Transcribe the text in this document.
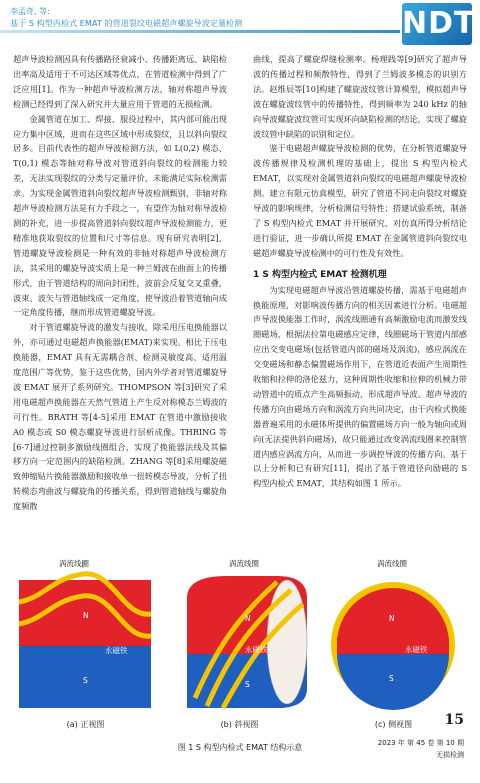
李孟奇, 等:
基于 S 构型内检式 EMAT 的管道裂纹电磁超声螺旋导波定量检测	NDT

超声导波检测因具有传播路径衰减小、传播距离远、缺陷检出率高及适用于不可达区域等优点，在管道检测中得到了广泛应用[1]。作为一种超声导波检测方法，轴对称超声导波检测已经得到了深入研究并大量应用于管道的无损检测。

金属管道在加工、焊接、服役过程中，其内部可能出现应力集中区域，进而在这些区域中形成裂纹，且以斜向裂纹居多。目前代表性的超声导波检测方法，如 L(0,2) 模态、T(0,1) 模态等轴对称导波对管道斜向裂纹的检测能力较差，无法实现裂纹的分类与定量评价，未能满足实际检测需求。为实现金属管道斜向裂纹超声导波检测甄别，非轴对称超声导波检测方法是有力手段之一，有望作为轴对称导波检测的补充，进一步提高管道斜向裂纹超声导波检测能力，更精准地获取裂纹的位置和尺寸等信息。现有研究表明[2]，管道螺旋导波检测是一种有效的非轴对称超声导波检测方法，其采用的螺旋导波实质上是一种兰姆波在曲面上的传播形式，由于管道结构的周向封闭性，波前会反复交叉重叠，波束、波矢与管道轴线成一定角度，使导波沿着管道轴向成一定角度传播，继而形成管道螺旋导波。

对于管道螺旋导波的激发与接收，除采用压电换能器以外，亦可通过电磁超声换能器(EMAT)来实现。相比于压电换能器，EMAT 具有无需耦合剂、检测灵敏度高、适用温度范围广等优势，鉴于这些优势，国内外学者对管道螺旋导波 EMAT 展开了系列研究。THOMPSON 等[3]研究了采用电磁超声换能器在天然气管道上产生反对称模态兰姆波的可行性。BRATH 等[4-5]采用 EMAT 在管道中激励接收 A0 模态或 S0 模态螺旋导波进行层析成像。THRING 等[6-7]通过控制多激励线圈组合，实现了换能器法线及其偏移方向一定范围内的缺陷检测。ZHANG 等[8]采用螺旋磁致伸缩贴片换能器激励和接收单一扭转模态导波，分析了扭转模态弯曲波与螺旋角的传播关系，得到管道轴线与螺旋角度频散

曲线，提高了螺旋焊缝检测率。杨理践等[9]研究了超声导波的传播过程和频散特性，得到了兰姆波多模态的识别方法。赵维辰等[10]构建了螺旋波纹管计算模型，模拟超声导波在螺旋波纹管中的传播特性，得到频率为 240 kHz 的轴向导波螺旋波纹管可实现环向缺陷检测的结论，实现了螺旋波纹管中缺陷的识别和定位。

鉴于电磁超声螺旋导波检测的优势，在分析管道螺旋导波传播规律及检测机理的基础上，提出 S 构型内检式 EMAT，以实现对金属管道斜向裂纹的电磁超声螺旋导波检测。建立有限元仿真模型，研究了管道不同走向裂纹对螺旋导波的影响规律，分析检测信号特性；搭建试验系统，制备了 S 构型内检式 EMAT 并开展研究，对仿真所得分析结论进行验证，进一步确认所提 EMAT 在金属管道斜向裂纹电磁超声螺旋导波检测中的可行性及有效性。

1 S 构型内检式 EMAT 检测机理

为实现电磁超声导波沿管道螺旋传播，需基于电磁超声换能原理，对影响波传播方向的相关因素进行分析。电磁超声导波换能器工作时，涡流线圈通有高频激励电流而激发线圈磁场，根据法拉第电磁感应定律，线圈磁场于管道内部感应出交变电磁场(包括管道内部的磁场及涡流)，感应涡流在交变磁场和静态偏置磁场作用下，在管道近表面产生周期性收缩和拉伸的洛伦兹力，这种周期性收缩和拉伸的机械力带动管道中的质点产生高频振动，形成超声导波。超声导波的传播方向由磁场方向和涡流方向共同决定，由于内检式换能器普遍采用的永磁体所提供的偏置磁场方向一般为轴向或周向(无法提供斜向磁场)，故只能通过改变涡流线圈来控制管道内感应涡流方向，从而进一步调控导波的传播方向。基于以上分析和已有研究[11]，提出了基于管道径向励磁的 S 构型内检式 EMAT，其结构如图 1 所示。

涡流线圈
(a) 正视图
涡流线圈
(b) 斜视图
涡流线圈
(c) 侧视图
N
S
永磁铁
N
S
永磁铁
N
S
永磁铁
图 1 S 构型内检式 EMAT 结构示意
15
2023 年 第 45 卷 第 10 期
无损检测
